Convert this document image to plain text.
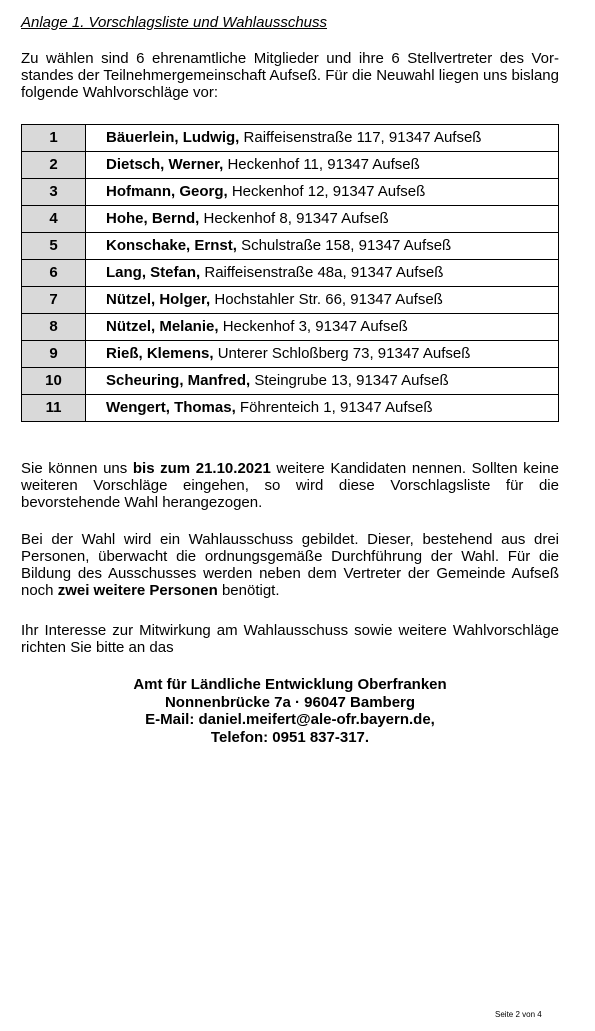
Anlage 1. Vorschlagsliste und Wahlausschuss
Zu wählen sind 6 ehrenamtliche Mitglieder und ihre 6 Stellvertreter des Vorstandes der Teilnehmergemeinschaft Aufseß. Für die Neuwahl liegen uns bislang folgende Wahlvorschläge vor:
1	Bäuerlein, Ludwig, Raiffeisenstraße 117, 91347 Aufseß
2	Dietsch, Werner, Heckenhof 11, 91347 Aufseß
3	Hofmann, Georg, Heckenhof 12, 91347 Aufseß
4	Hohe, Bernd, Heckenhof 8, 91347 Aufseß
5	Konschake, Ernst, Schulstraße 158, 91347 Aufseß
6	Lang, Stefan, Raiffeisenstraße 48a, 91347 Aufseß
7	Nützel, Holger, Hochstahler Str. 66, 91347 Aufseß
8	Nützel, Melanie, Heckenhof 3, 91347 Aufseß
9	Rieß, Klemens, Unterer Schloßberg 73, 91347 Aufseß
10	Scheuring, Manfred, Steingrube 13, 91347 Aufseß
11	Wengert, Thomas, Föhrenteich 1, 91347 Aufseß
Sie können uns bis zum 21.10.2021 weitere Kandidaten nennen. Sollten keine weiteren Vorschläge eingehen, so wird diese Vorschlagsliste für die bevorstehende Wahl herangezogen.
Bei der Wahl wird ein Wahlausschuss gebildet. Dieser, bestehend aus drei Personen, überwacht die ordnungsgemäße Durchführung der Wahl. Für die Bildung des Ausschusses werden neben dem Vertreter der Gemeinde Aufseß noch zwei weitere Personen benötigt.
Ihr Interesse zur Mitwirkung am Wahlausschuss sowie weitere Wahlvorschläge richten Sie bitte an das
Amt für Ländliche Entwicklung Oberfranken
Nonnenbrücke 7a · 96047 Bamberg
E-Mail: daniel.meifert@ale-ofr.bayern.de,
Telefon: 0951 837-317.
Seite 2 von 4
